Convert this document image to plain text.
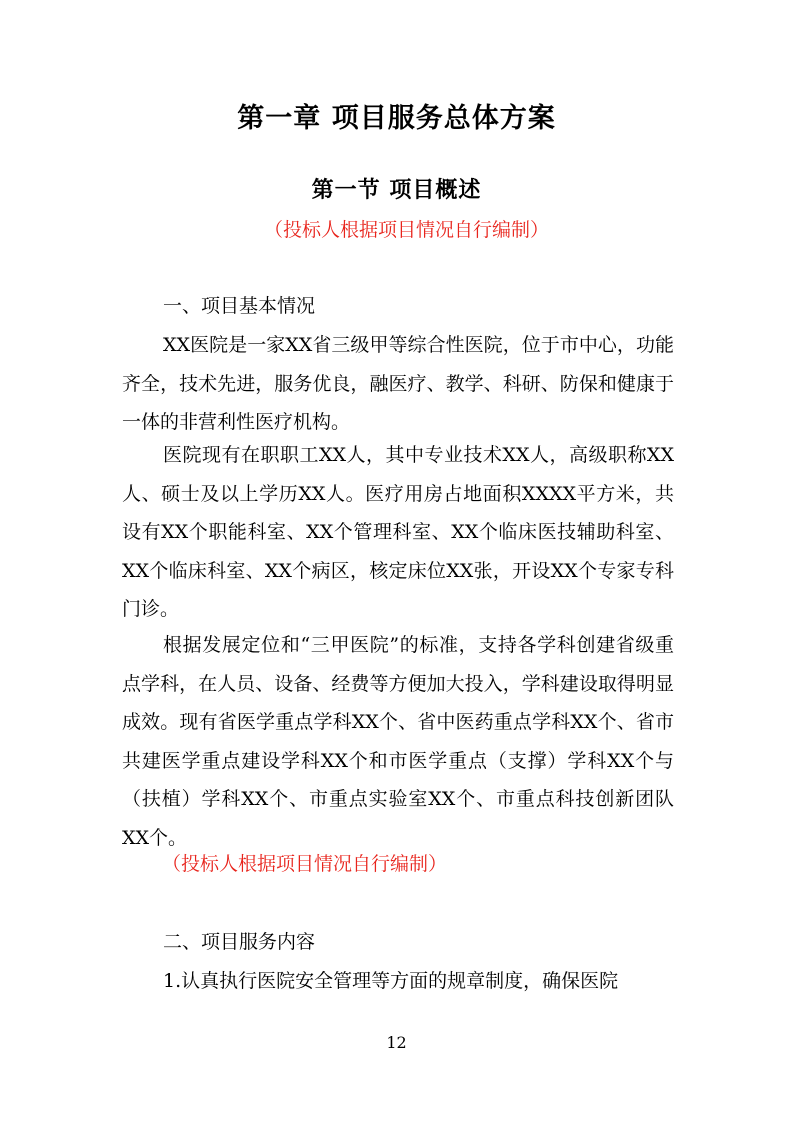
第一章 项目服务总体方案
第一节 项目概述
（投标人根据项目情况自行编制）
一、项目基本情况
XX医院是一家XX省三级甲等综合性医院，位于市中心，功能齐全，技术先进，服务优良，融医疗、教学、科研、防保和健康于一体的非营利性医疗机构。
医院现有在职职工XX人，其中专业技术XX人，高级职称XX人、硕士及以上学历XX人。医疗用房占地面积XXXX平方米，共设有XX个职能科室、XX个管理科室、XX个临床医技辅助科室、XX个临床科室、XX个病区，核定床位XX张，开设XX个专家专科门诊。
根据发展定位和“三甲医院”的标准，支持各学科创建省级重点学科，在人员、设备、经费等方便加大投入，学科建设取得明显成效。现有省医学重点学科XX个、省中医药重点学科XX个、省市共建医学重点建设学科XX个和市医学重点（支撑）学科XX个与（扶植）学科XX个、市重点实验室XX个、市重点科技创新团队XX个。
（投标人根据项目情况自行编制）
二、项目服务内容
1.认真执行医院安全管理等方面的规章制度，确保医院
12
